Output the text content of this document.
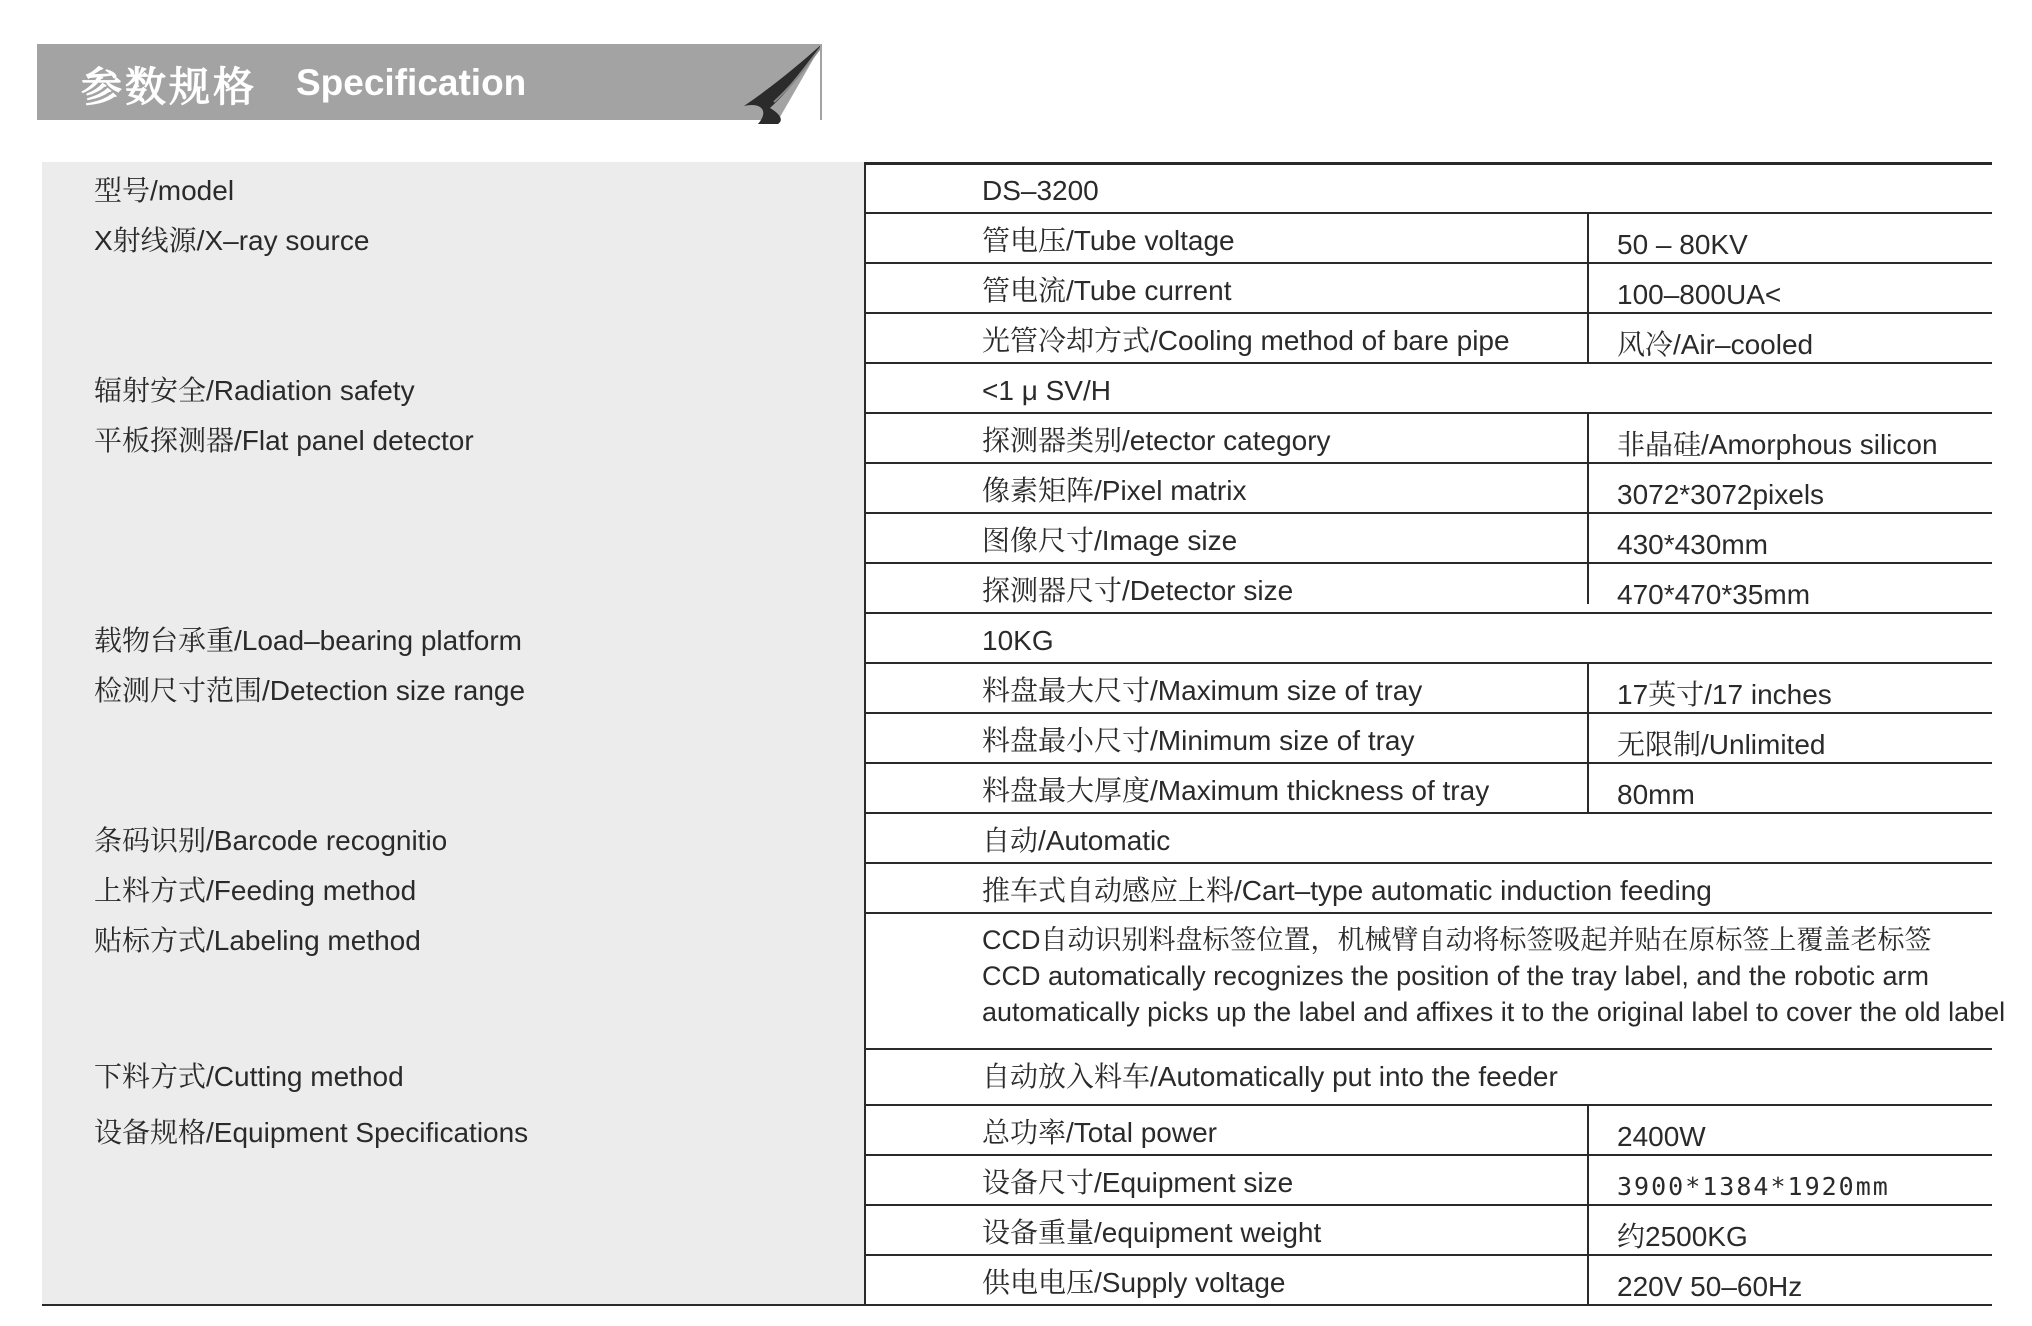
参数规格 Specification
型号/model	DS–3200
X射线源/X–ray source	管电压/Tube voltage	50 – 80KV
管电流/Tube current	100–800UA<
光管冷却方式/Cooling method of bare pipe	风冷/Air–cooled
辐射安全/Radiation safety	<1 μ SV/H
平板探测器/Flat panel detector	探测器类别/etector category	非晶硅/Amorphous silicon
像素矩阵/Pixel matrix	3072*3072pixels
图像尺寸/Image size	430*430mm
探测器尺寸/Detector size	470*470*35mm
载物台承重/Load–bearing platform	10KG
检测尺寸范围/Detection size range	料盘最大尺寸/Maximum size of tray	17英寸/17 inches
料盘最小尺寸/Minimum size of tray	无限制/Unlimited
料盘最大厚度/Maximum thickness of tray	80mm
条码识别/Barcode recognitio	自动/Automatic
上料方式/Feeding method	推车式自动感应上料/Cart–type automatic induction feeding
贴标方式/Labeling method	CCD自动识别料盘标签位置，机械臂自动将标签吸起并贴在原标签上覆盖老标签
CCD automatically recognizes the position of the tray label, and the robotic arm
automatically picks up the label and affixes it to the original label to cover the old label
下料方式/Cutting method	自动放入料车/Automatically put into the feeder
设备规格/Equipment Specifications	总功率/Total power	2400W
设备尺寸/Equipment size	3900*1384*1920mm
设备重量/equipment weight	约2500KG
供电电压/Supply voltage	220V 50–60Hz
